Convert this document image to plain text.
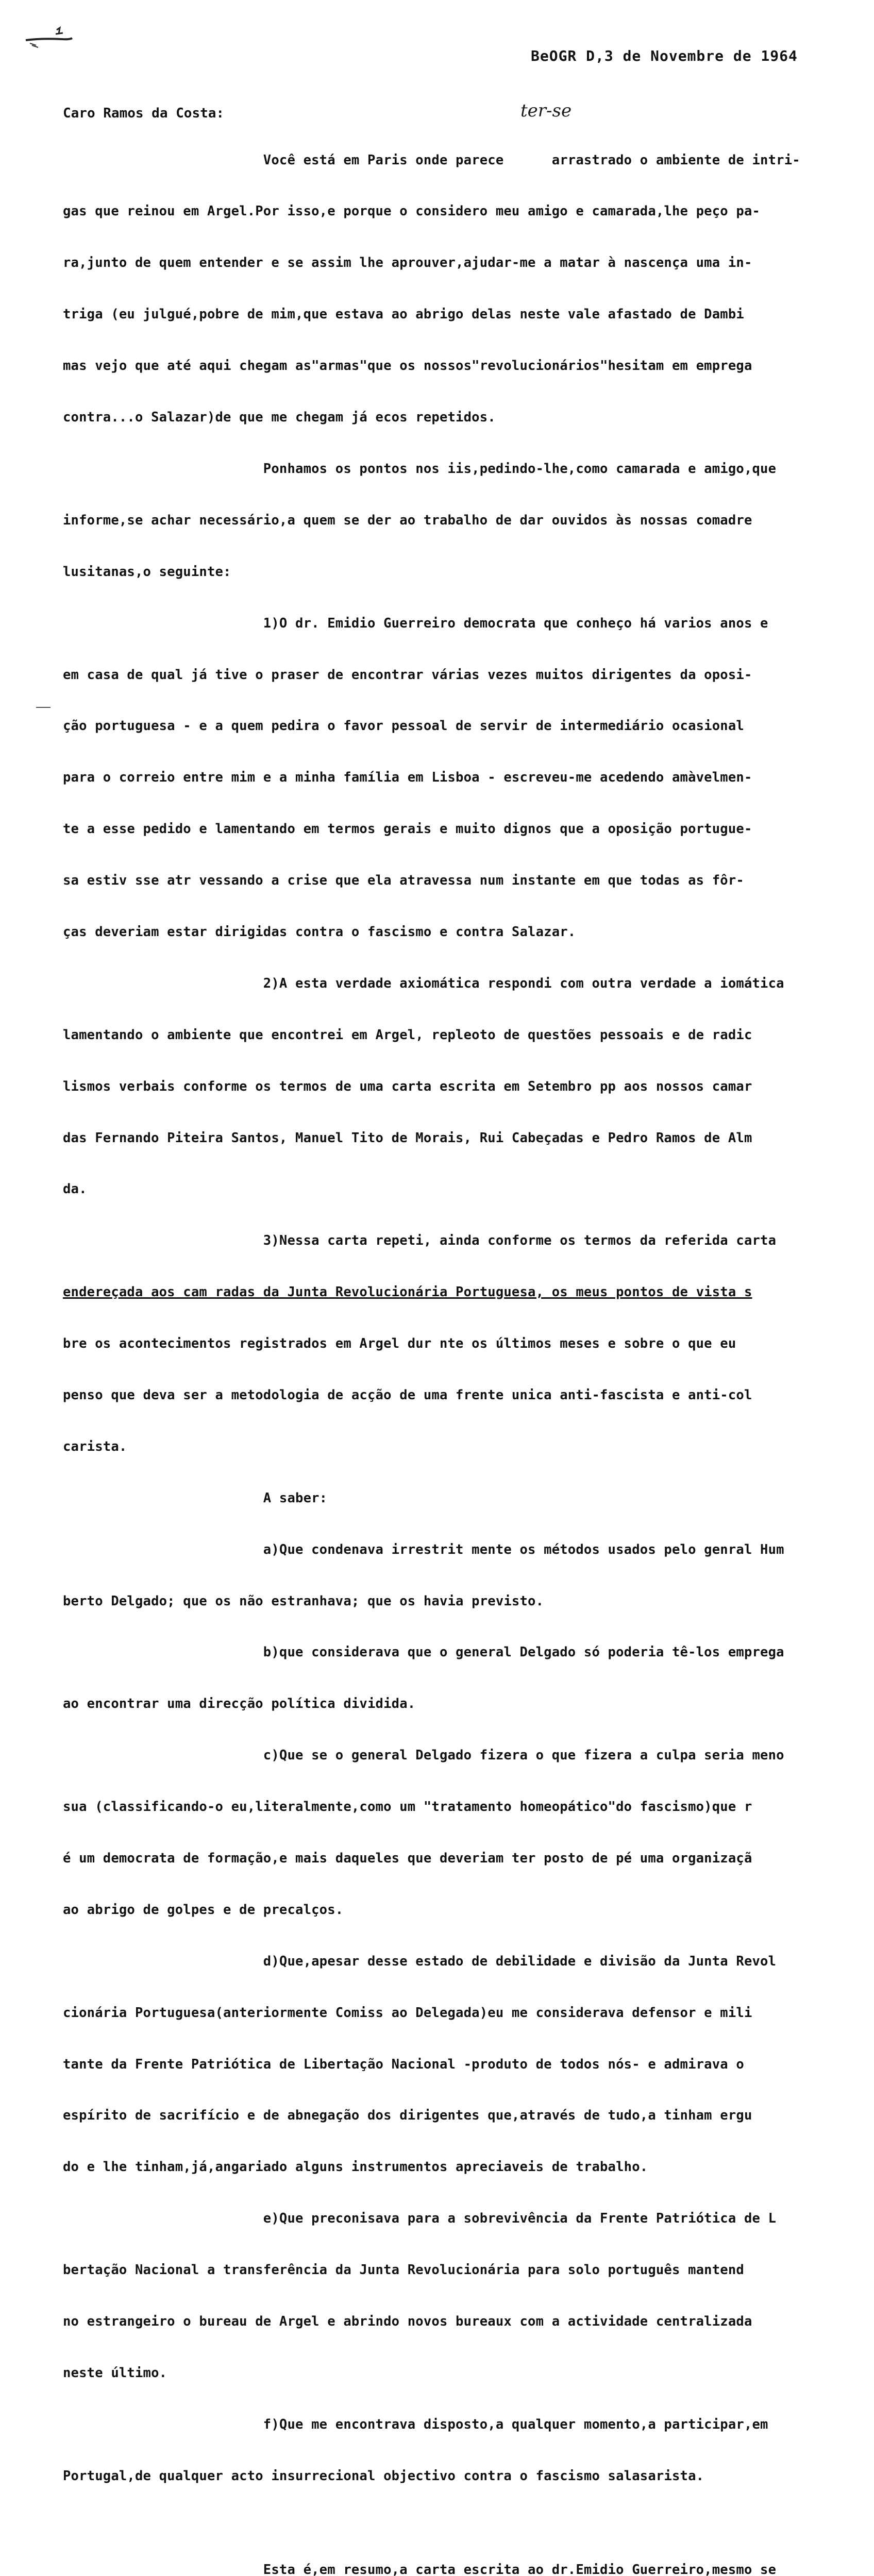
BeOGR D,3 de Novembre de 1964
Caro Ramos da Costa:	ter-se

Você está em Paris onde parece      arrastrado o ambiente de intri-

gas que reinou em Argel.Por isso,e porque o considero meu amigo e camarada,lhe peço pa-

ra,junto de quem entender e se assim lhe aprouver,ajudar-me a matar à nascença uma in-

triga (eu julgué,pobre de mim,que estava ao abrigo delas neste vale afastado de Dambi

mas vejo que até aqui chegam as"armas"que os nossos"revolucionários"hesitam em emprega

contra...o Salazar)de que me chegam já ecos repetidos.

Ponhamos os pontos nos iis,pedindo-lhe,como camarada e amigo,que

informe,se achar necessário,a quem se der ao trabalho de dar ouvidos às nossas comadre

lusitanas,o seguinte:

1)O dr. Emidio Guerreiro democrata que conheço há varios anos e

em casa de qual já tive o praser de encontrar várias vezes muitos dirigentes da oposi-

ção portuguesa - e a quem pedira o favor pessoal de servir de intermediário ocasional

para o correio entre mim e a minha família em Lisboa - escreveu-me acedendo amàvelmen-

te a esse pedido e lamentando em termos gerais e muito dignos que a oposição portugue-

sa estiv sse atr vessando a crise que ela atravessa num instante em que todas as fôr-

ças deveriam estar dirigidas contra o fascismo e contra Salazar.

2)A esta verdade axiomática respondi com outra verdade a iomática

lamentando o ambiente que encontrei em Argel, repleoto de questões pessoais e de radic

lismos verbais conforme os termos de uma carta escrita em Setembro pp aos nossos camar

das Fernando Piteira Santos, Manuel Tito de Morais, Rui Cabeçadas e Pedro Ramos de Alm

da.

3)Nessa carta repeti, ainda conforme os termos da referida carta

endereçada aos cam radas da Junta Revolucionária Portuguesa, os meus pontos de vista s

bre os acontecimentos registrados em Argel dur nte os últimos meses e sobre o que eu

penso que deva ser a metodologia de acção de uma frente unica anti-fascista e anti-col

carista.

A saber:

a)Que condenava irrestrit mente os métodos usados pelo genral Hum

berto Delgado; que os não estranhava; que os havia previsto.

b)que considerava que o general Delgado só poderia tê-los emprega

ao encontrar uma direcção política dividida.

c)Que se o general Delgado fizera o que fizera a culpa seria meno

sua (classificando-o eu,literalmente,como um "tratamento homeopático"do fascismo)que r

é um democrata de formação,e mais daqueles que deveriam ter posto de pé uma organizaçã

ao abrigo de golpes e de precalços.

d)Que,apesar desse estado de debilidade e divisão da Junta Revol

cionária Portuguesa(anteriormente Comiss ao Delegada)eu me considerava defensor e mili

tante da Frente Patriótica de Libertação Nacional -produto de todos nós- e admirava o

espírito de sacrifício e de abnegação dos dirigentes que,através de tudo,a tinham ergu

do e lhe tinham,já,angariado alguns instrumentos apreciaveis de trabalho.

e)Que preconisava para a sobrevivência da Frente Patriótica de L

bertação Nacional a transferência da Junta Revolucionária para solo português mantend

no estrangeiro o bureau de Argel e abrindo novos bureaux com a actividade centralizada

neste último.

f)Que me encontrava disposto,a qualquer momento,a participar,em

Portugal,de qualquer acto insurrecional objectivo contra o fascismo salasarista.

Esta é,em resumo,a carta escrita ao dr.Emidio Guerreiro,mesmo se
